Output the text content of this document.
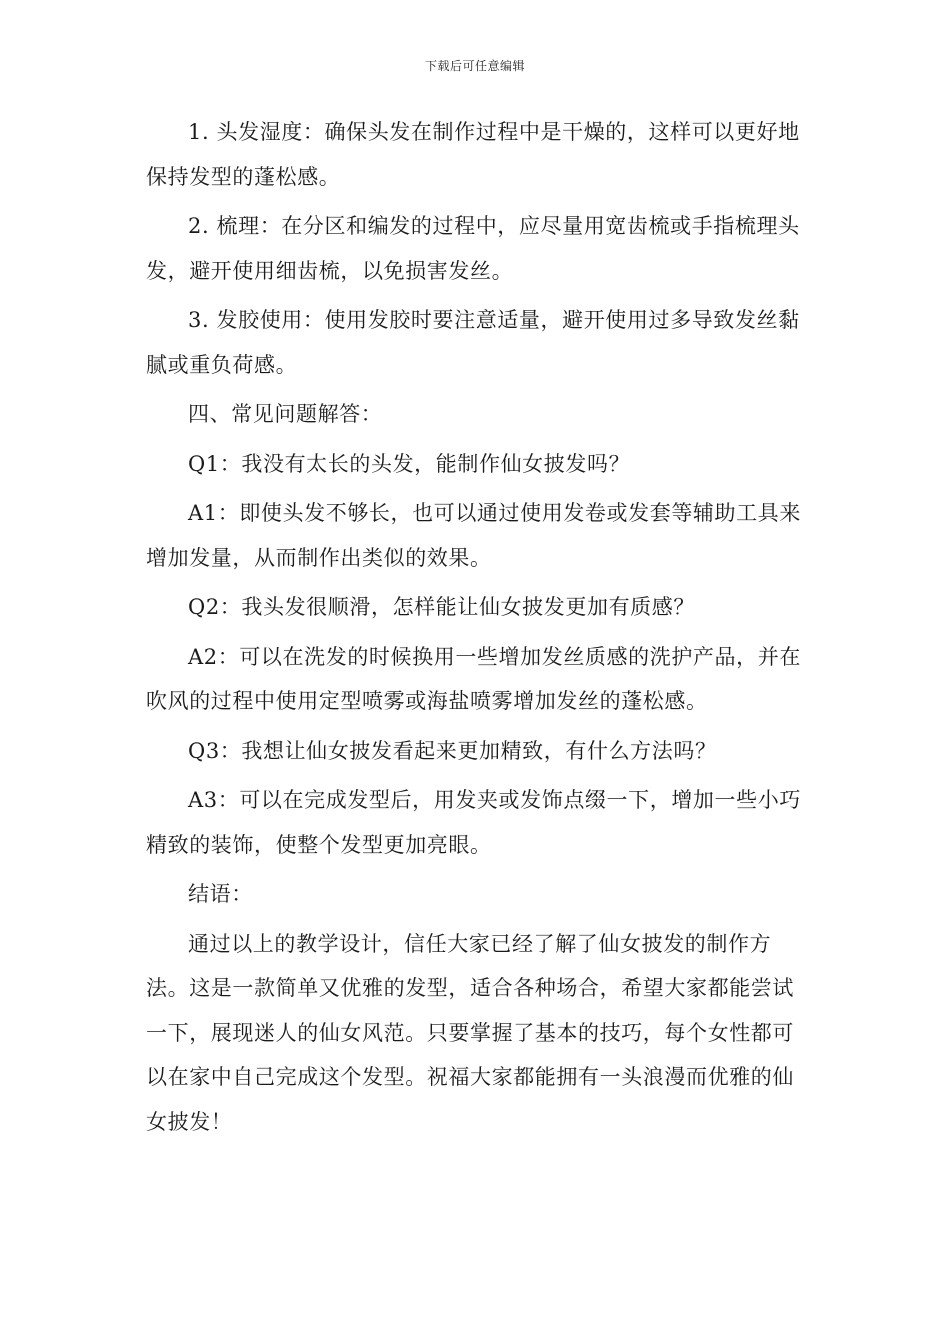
下载后可任意编辑

1. 头发湿度：确保头发在制作过程中是干燥的，这样可以更好地保持发型的蓬松感。

2. 梳理：在分区和编发的过程中，应尽量用宽齿梳或手指梳理头发，避开使用细齿梳，以免损害发丝。

3. 发胶使用：使用发胶时要注意适量，避开使用过多导致发丝黏腻或重负荷感。

四、常见问题解答：

Q1：我没有太长的头发，能制作仙女披发吗？

A1：即使头发不够长，也可以通过使用发卷或发套等辅助工具来增加发量，从而制作出类似的效果。

Q2：我头发很顺滑，怎样能让仙女披发更加有质感？

A2：可以在洗发的时候换用一些增加发丝质感的洗护产品，并在吹风的过程中使用定型喷雾或海盐喷雾增加发丝的蓬松感。

Q3：我想让仙女披发看起来更加精致，有什么方法吗？

A3：可以在完成发型后，用发夹或发饰点缀一下，增加一些小巧精致的装饰，使整个发型更加亮眼。

结语：

通过以上的教学设计，信任大家已经了解了仙女披发的制作方法。这是一款简单又优雅的发型，适合各种场合，希望大家都能尝试一下，展现迷人的仙女风范。只要掌握了基本的技巧，每个女性都可以在家中自己完成这个发型。祝福大家都能拥有一头浪漫而优雅的仙女披发！
